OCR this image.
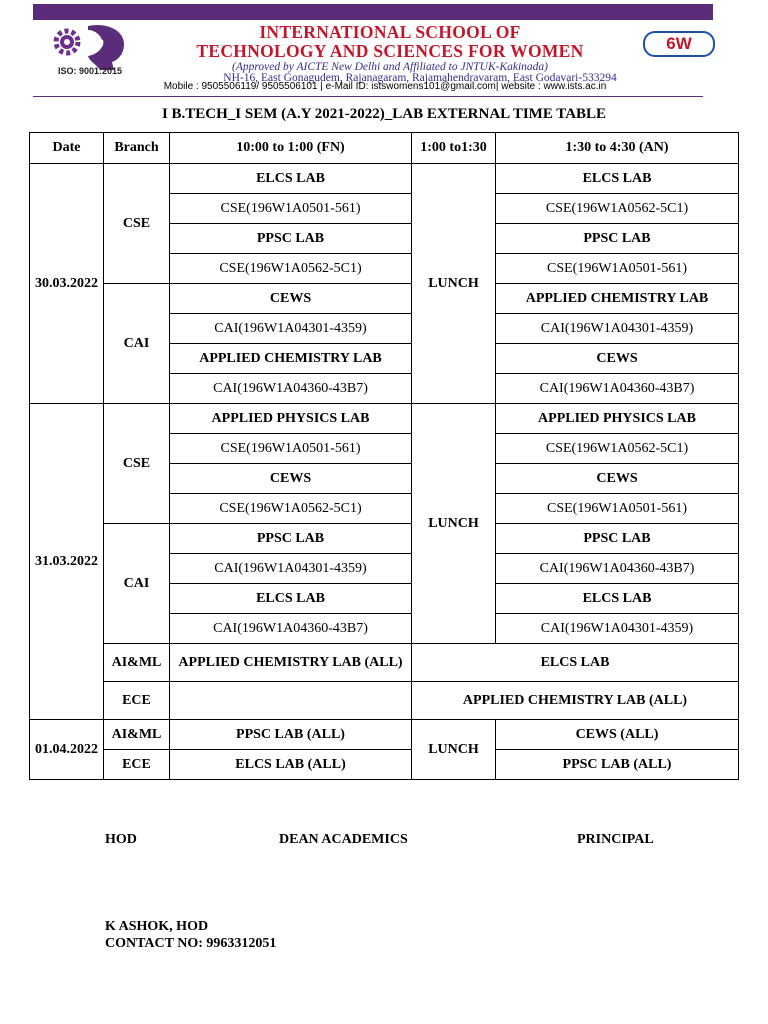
ISO: 9001:2015
INTERNATIONAL SCHOOL OF
TECHNOLOGY AND SCIENCES FOR WOMEN	6W
(Approved by AICTE New Delhi and Affiliated to JNTUK-Kakinada)
NH-16, East Gonagudem, Rajanagaram, Rajamahendravaram, East Godavari-533294
Mobile : 9505506119/ 9505506101 | e-Mail ID: istswomens101@gmail.com| website : www.ists.ac.in
I B.TECH_I SEM (A.Y 2021-2022)_LAB EXTERNAL TIME TABLE
Date	Branch	10:00 to 1:00 (FN)	1:00 to1:30	1:30 to 4:30 (AN)
30.03.2022	CSE	ELCS LAB	LUNCH	ELCS LAB
		CSE(196W1A0501-561)		CSE(196W1A0562-5C1)
		PPSC LAB		PPSC LAB
		CSE(196W1A0562-5C1)		CSE(196W1A0501-561)
	CAI	CEWS		APPLIED CHEMISTRY LAB
		CAI(196W1A04301-4359)		CAI(196W1A04301-4359)
		APPLIED CHEMISTRY LAB		CEWS
		CAI(196W1A04360-43B7)		CAI(196W1A04360-43B7)
31.03.2022	CSE	APPLIED PHYSICS LAB	LUNCH	APPLIED PHYSICS LAB
		CSE(196W1A0501-561)		CSE(196W1A0562-5C1)
		CEWS		CEWS
		CSE(196W1A0562-5C1)		CSE(196W1A0501-561)
	CAI	PPSC LAB		PPSC LAB
		CAI(196W1A04301-4359)		CAI(196W1A04360-43B7)
		ELCS LAB		ELCS LAB
		CAI(196W1A04360-43B7)		CAI(196W1A04301-4359)
	AI&ML	APPLIED CHEMISTRY LAB (ALL)	ELCS LAB	
	ECE		APPLIED CHEMISTRY LAB (ALL)	
01.04.2022	AI&ML	PPSC LAB (ALL)	LUNCH	CEWS (ALL)
	ECE	ELCS LAB (ALL)		PPSC LAB (ALL)
HOD	DEAN ACADEMICS	PRINCIPAL
K ASHOK, HOD
CONTACT NO: 9963312051
